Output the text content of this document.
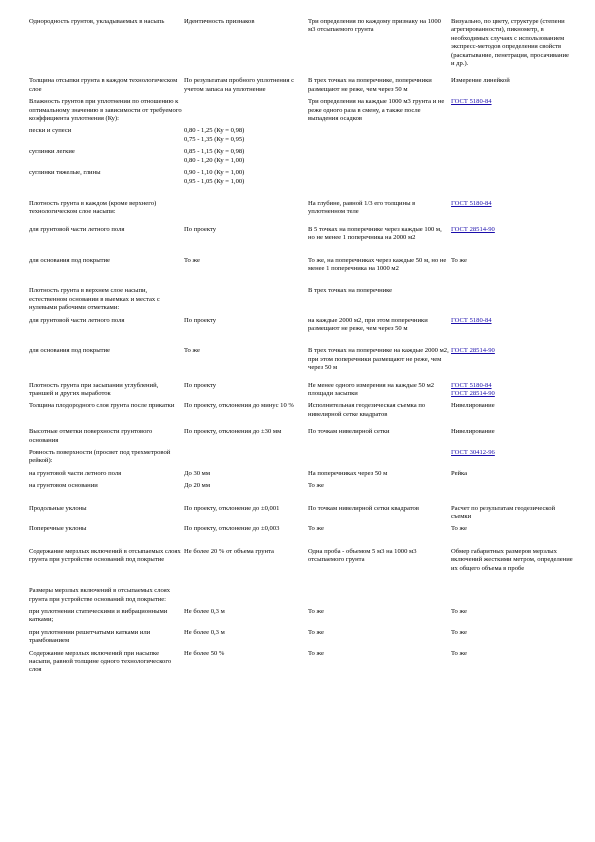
Однородность грунтов, укладываемых в насыпь	Идентичность признаков	Три определения по каждому признаку на 1000 м3 отсыпаемого грунта	Визуально, по цвету, структуре (степени агрегированности), пикнометр, в необходимых случаях с использованием экспресс-методов определения свойств (раскатывание, пенетрация, просачивание и др.).
Толщина отсыпки грунта в каждом технологическом слое	По результатам пробного уплотнения с учетом запаса на уплотнение	В трех точках на поперечнике, поперечники размещают не реже, чем через 50 м	Измерение линейкой
Влажность грунтов при уплотнении по отношению к оптимальному значению в зависимости от требуемого коэффициента уплотнения (Ку):		Три определения на каждые 1000 м3 грунта и не реже одного раза в смену, а также после выпадения осадков	ГОСТ 5180-84
пески и супеси	0,80 - 1,25 (Ку = 0,98)
0,75 - 1,35 (Ку = 0,95)		
суглинки легкие	0,85 - 1,15 (Ку = 0,98)
0,80 - 1,20 (Ку = 1,00)		
суглинки тяжелые, глины	0,90 - 1,10 (Ку = 1,00)
0,95 - 1,05 (Ку = 1,00)		
Плотность грунта в каждом (кроме верхнего) технологическом слое насыпи:		На глубине, равной 1/3 его толщины в уплотненном теле	ГОСТ 5180-84
для грунтовой части летного поля	По проекту	В 5 точках на поперечнике через каждые 100 м, но не менее 1 поперечника на 2000 м2	ГОСТ 28514-90
для основания под покрытие	То же	То же, на поперечниках через каждые 50 м, но не менее 1 поперечника на 1000 м2	То же
Плотность грунта в верхнем слое насыпи, естественном основании в выемках и местах с нулевыми рабочими отметками:		В трех точках на поперечнике	
для грунтовой части летного поля	По проекту	на каждые 2000 м2, при этом поперечники размещают не реже, чем через 50 м	ГОСТ 5180-84
для основания под покрытие	То же	В трех точках на поперечнике на каждые 2000 м2, при этом поперечники размещают не реже, чем через 50 м	ГОСТ 28514-90
Плотность грунта при засыпании углублений, траншей и других выработок	По проекту	Не менее одного измерения на каждые 50 м2 площади засыпки	ГОСТ 5180-84
ГОСТ 28514-90
Толщина плодородного слоя грунта после прикатки	По проекту, отклонения до минус 10 %	Исполнительная геодезическая съемка по нивелирной сетке квадратов	Нивелирование
Высотные отметки поверхности грунтового основания	По проекту, отклонения до ±30 мм	По точкам нивелирной сетки	Нивелирование
Ровность поверхности (просвет под трехметровой рейкой):			ГОСТ 30412-96
на грунтовой части летного поля	До 30 мм	На поперечниках через 50 м	Рейка
на грунтовом основании	До 20 мм	То же	
Продольные уклоны	По проекту, отклонение до ±0,001	По точкам нивелирной сетки квадратов	Расчет по результатам геодезической съемки
Поперечные уклоны	По проекту, отклонение до ±0,003	То же	То же
Содержание мерзлых включений в отсыпаемых слоях грунта при устройстве оснований под покрытие	Не более 20 % от объема грунта	Одна проба - объемом 5 м3 на 1000 м3 отсыпаемого грунта	Обмер габаритных размеров мерзлых включений жесткими метром, определение их общего объема в пробе
Размеры мерзлых включений в отсыпаемых слоях грунта при устройстве оснований под покрытие:			
при уплотнении статическими и вибрационными катками;	Не более 0,3 м	То же	То же
при уплотнении решетчатыми катками или трамбованием	Не более 0,3 м	То же	То же
Содержание мерзлых включений при насыпке насыпи, равной толщине одного технологического слоя	Не более 50 %	То же	То же
